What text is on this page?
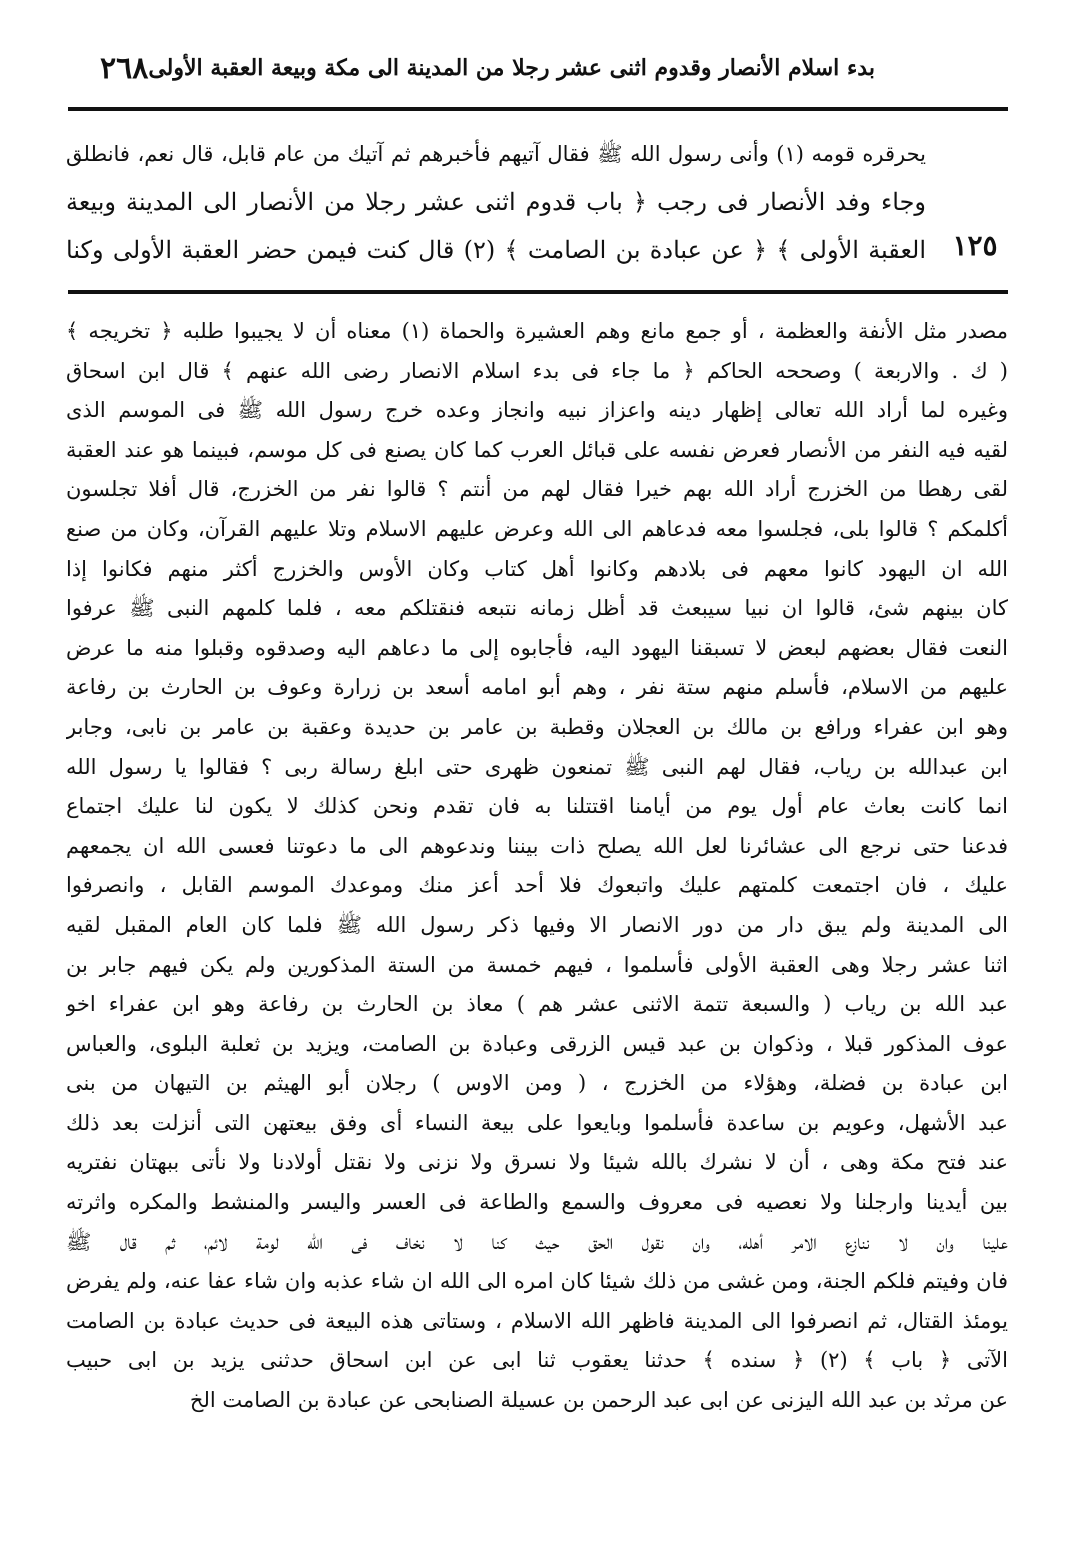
٢٦٨ بدء اسلام الأنصار وقدوم اثنى عشر رجلا من المدينة الى مكة وبيعة العقبة الأولى
يحرقره قومه (١) وأنى رسول الله ﷺ فقال آتيهم فأخبرهم ثم آتيك من عام قابل، قال نعم، فانطلق
وجاء وفد الأنصار فى رجب ﴿ باب قدوم اثنى عشر رجلا من الأنصار الى المدينة وبيعة
العقبة الأولى ﴾ ﴿ عن عبادة بن الصامت ﴾ (٢) قال كنت فيمن حضر العقبة الأولى وكنا ١٢٥
مصدر مثل الأنفة والعظمة ، أو جمع مانع وهم العشيرة والحماة (١) معناه أن لا يجيبوا طلبه ﴿ تخريجه ﴾
( ك . والاربعة ) وصححه الحاكم ﴿ ما جاء فى بدء اسلام الانصار رضى الله عنهم ﴾ قال ابن اسحاق
وغيره لما أراد الله تعالى إظهار دينه واعزاز نبيه وانجاز وعده خرج رسول الله ﷺ فى الموسم الذى
لقيه فيه النفر من الأنصار فعرض نفسه على قبائل العرب كما كان يصنع فى كل موسم، فبينما هو عند العقبة
لقى رهطا من الخزرج أراد الله بهم خيرا فقال لهم من أنتم ؟ قالوا نفر من الخزرج، قال أفلا تجلسون
أكلمكم ؟ قالوا بلى، فجلسوا معه فدعاهم الى الله وعرض عليهم الاسلام وتلا عليهم القرآن، وكان من صنع
الله ان اليهود كانوا معهم فى بلادهم وكانوا أهل كتاب وكان الأوس والخزرج أكثر منهم فكانوا إذا
كان بينهم شئ، قالوا ان نبيا سيبعث قد أظل زمانه نتبعه فنقتلكم معه ، فلما كلمهم النبى ﷺ عرفوا
النعت فقال بعضهم لبعض لا تسبقنا اليهود اليه، فأجابوه إلى ما دعاهم اليه وصدقوه وقبلوا منه ما عرض
عليهم من الاسلام، فأسلم منهم ستة نفر ، وهم أبو امامه أسعد بن زرارة وعوف بن الحارث بن رفاعة
وهو ابن عفراء ورافع بن مالك بن العجلان وقطبة بن عامر بن حديدة وعقبة بن عامر بن نابى، وجابر
ابن عبدالله بن رياب، فقال لهم النبى ﷺ تمنعون ظهرى حتى ابلغ رسالة ربى ؟ فقالوا يا رسول الله
انما كانت بعاث عام أول يوم من أيامنا اقتتلنا به فان تقدم ونحن كذلك لا يكون لنا عليك اجتماع
فدعنا حتى نرجع الى عشائرنا لعل الله يصلح ذات بيننا وندعوهم الى ما دعوتنا فعسى الله ان يجمعهم
عليك ، فان اجتمعت كلمتهم عليك واتبعوك فلا أحد أعز منك وموعدك الموسم القابل ، وانصرفوا
الى المدينة ولم يبق دار من دور الانصار الا وفيها ذكر رسول الله ﷺ فلما كان العام المقبل لقيه
اثنا عشر رجلا وهى العقبة الأولى فأسلموا ، فيهم خمسة من الستة المذكورين ولم يكن فيهم جابر بن
عبد الله بن رياب ( والسبعة تتمة الاثنى عشر هم ) معاذ بن الحارث بن رفاعة وهو ابن عفراء اخو
عوف المذكور قبلا ، وذكوان بن عبد قيس الزرقى وعبادة بن الصامت، ويزيد بن ثعلبة البلوى، والعباس
ابن عبادة بن فضلة، وهؤلاء من الخزرج ، ( ومن الاوس ) رجلان أبو الهيثم بن التيهان من بنى
عبد الأشهل، وعويم بن ساعدة فأسلموا وبايعوا على بيعة النساء أى وفق بيعتهن التى أنزلت بعد ذلك
عند فتح مكة وهى ، أن لا نشرك بالله شيئا ولا نسرق ولا نزنى ولا نقتل أولادنا ولا نأتى ببهتان نفتريه
بين أيدينا وارجلنا ولا نعصيه فى معروف والسمع والطاعة فى العسر واليسر والمنشط والمكره واثرته
علينا وان لا ننازع الامر أهله، وان نقول الحق حيث كنا لا نخاف فى الله لومة لائم، ثم قال ﷺ
فان وفيتم فلكم الجنة، ومن غشى من ذلك شيئا كان امره الى الله ان شاء عذبه وان شاء عفا عنه، ولم يفرض
يومئذ القتال، ثم انصرفوا الى المدينة فاظهر الله الاسلام ، وستاتى هذه البيعة فى حديث عبادة بن الصامت
الآتى ﴿ باب ﴾ (٢) ﴿ سنده ﴾ حدثنا يعقوب ثنا ابى عن ابن اسحاق حدثنى يزيد بن ابى حبيب
عن مرثد بن عبد الله اليزنى عن ابى عبد الرحمن بن عسيلة الصنابحى عن عبادة بن الصامت الخ
